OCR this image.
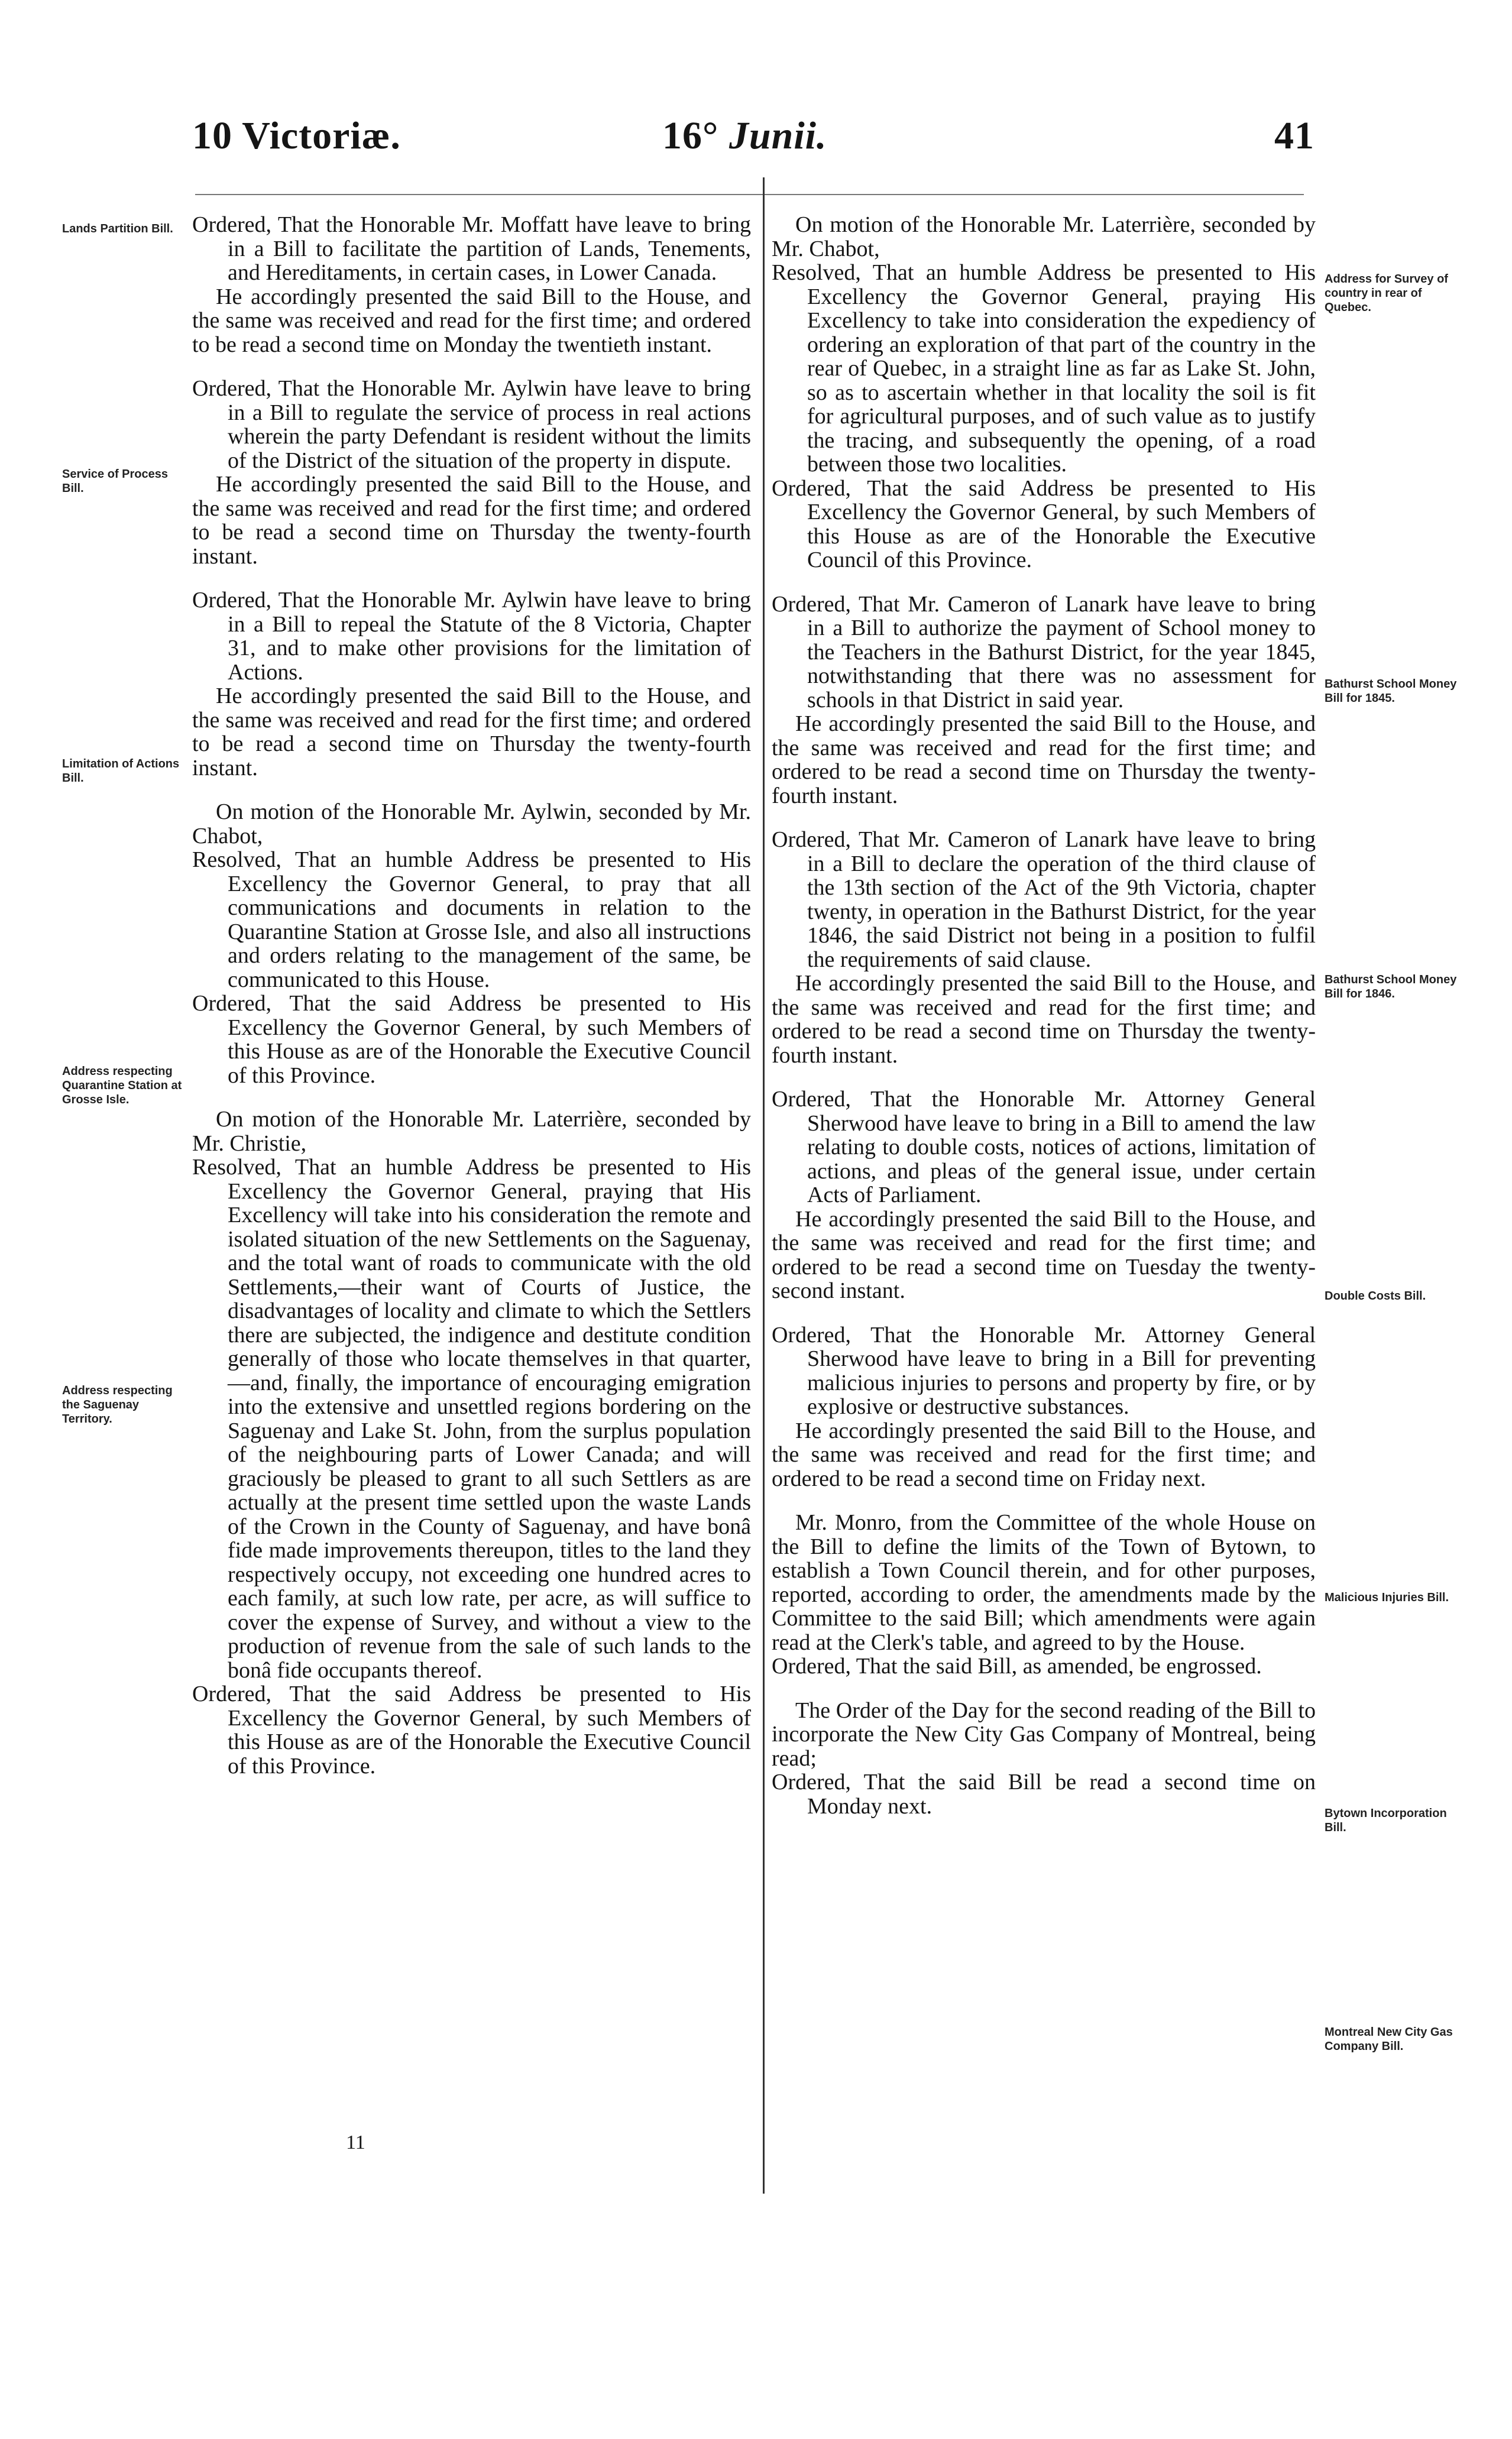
10 Victoriæ.	16° Junii.	41
Lands Partition Bill.
Service of Process Bill.
Limitation of Actions Bill.
Address respecting Quarantine Station at Grosse Isle.
Address respecting the Saguenay Territory.
Address for Survey of country in rear of Quebec.
Bathurst School Money Bill for 1845.
Bathurst School Money Bill for 1846.
Double Costs Bill.
Malicious Injuries Bill.
Bytown Incorporation Bill.
Montreal New City Gas Company Bill.

Ordered, That the Honorable Mr. Moffatt have leave to bring in a Bill to facilitate the partition of Lands, Tenements, and Hereditaments, in certain cases, in Lower Canada.

He accordingly presented the said Bill to the House, and the same was received and read for the first time; and ordered to be read a second time on Monday the twentieth instant.

Ordered, That the Honorable Mr. Aylwin have leave to bring in a Bill to regulate the service of process in real actions wherein the party Defendant is resident without the limits of the District of the situation of the property in dispute.

He accordingly presented the said Bill to the House, and the same was received and read for the first time; and ordered to be read a second time on Thursday the twenty-fourth instant.

Ordered, That the Honorable Mr. Aylwin have leave to bring in a Bill to repeal the Statute of the 8 Victoria, Chapter 31, and to make other provisions for the limitation of Actions.

He accordingly presented the said Bill to the House, and the same was received and read for the first time; and ordered to be read a second time on Thursday the twenty-fourth instant.

On motion of the Honorable Mr. Aylwin, seconded by Mr. Chabot,

Resolved, That an humble Address be presented to His Excellency the Governor General, to pray that all communications and documents in relation to the Quarantine Station at Grosse Isle, and also all instructions and orders relating to the management of the same, be communicated to this House.

Ordered, That the said Address be presented to His Excellency the Governor General, by such Members of this House as are of the Honorable the Executive Council of this Province.

On motion of the Honorable Mr. Laterrière, seconded by Mr. Christie,

Resolved, That an humble Address be presented to His Excellency the Governor General, praying that His Excellency will take into his consideration the remote and isolated situation of the new Settlements on the Saguenay, and the total want of roads to communicate with the old Settlements,—their want of Courts of Justice, the disadvantages of locality and climate to which the Settlers there are subjected, the indigence and destitute condition generally of those who locate themselves in that quarter,—and, finally, the importance of encouraging emigration into the extensive and unsettled regions bordering on the Saguenay and Lake St. John, from the surplus population of the neighbouring parts of Lower Canada; and will graciously be pleased to grant to all such Settlers as are actually at the present time settled upon the waste Lands of the Crown in the County of Saguenay, and have bonâ fide made improvements thereupon, titles to the land they respectively occupy, not exceeding one hundred acres to each family, at such low rate, per acre, as will suffice to cover the expense of Survey, and without a view to the production of revenue from the sale of such lands to the bonâ fide occupants thereof.

Ordered, That the said Address be presented to His Excellency the Governor General, by such Members of this House as are of the Honorable the Executive Council of this Province.

On motion of the Honorable Mr. Laterrière, seconded by Mr. Chabot,

Resolved, That an humble Address be presented to His Excellency the Governor General, praying His Excellency to take into consideration the expediency of ordering an exploration of that part of the country in the rear of Quebec, in a straight line as far as Lake St. John, so as to ascertain whether in that locality the soil is fit for agricultural purposes, and of such value as to justify the tracing, and subsequently the opening, of a road between those two localities.

Ordered, That the said Address be presented to His Excellency the Governor General, by such Members of this House as are of the Honorable the Executive Council of this Province.

Ordered, That Mr. Cameron of Lanark have leave to bring in a Bill to authorize the payment of School money to the Teachers in the Bathurst District, for the year 1845, notwithstanding that there was no assessment for schools in that District in said year.

He accordingly presented the said Bill to the House, and the same was received and read for the first time; and ordered to be read a second time on Thursday the twenty-fourth instant.

Ordered, That Mr. Cameron of Lanark have leave to bring in a Bill to declare the operation of the third clause of the 13th section of the Act of the 9th Victoria, chapter twenty, in operation in the Bathurst District, for the year 1846, the said District not being in a position to fulfil the requirements of said clause.

He accordingly presented the said Bill to the House, and the same was received and read for the first time; and ordered to be read a second time on Thursday the twenty-fourth instant.

Ordered, That the Honorable Mr. Attorney General Sherwood have leave to bring in a Bill to amend the law relating to double costs, notices of actions, limitation of actions, and pleas of the general issue, under certain Acts of Parliament.

He accordingly presented the said Bill to the House, and the same was received and read for the first time; and ordered to be read a second time on Tuesday the twenty-second instant.

Ordered, That the Honorable Mr. Attorney General Sherwood have leave to bring in a Bill for preventing malicious injuries to persons and property by fire, or by explosive or destructive substances.

He accordingly presented the said Bill to the House, and the same was received and read for the first time; and ordered to be read a second time on Friday next.

Mr. Monro, from the Committee of the whole House on the Bill to define the limits of the Town of Bytown, to establish a Town Council therein, and for other purposes, reported, according to order, the amendments made by the Committee to the said Bill; which amendments were again read at the Clerk's table, and agreed to by the House.

Ordered, That the said Bill, as amended, be engrossed.

The Order of the Day for the second reading of the Bill to incorporate the New City Gas Company of Montreal, being read;

Ordered, That the said Bill be read a second time on Monday next.

11
